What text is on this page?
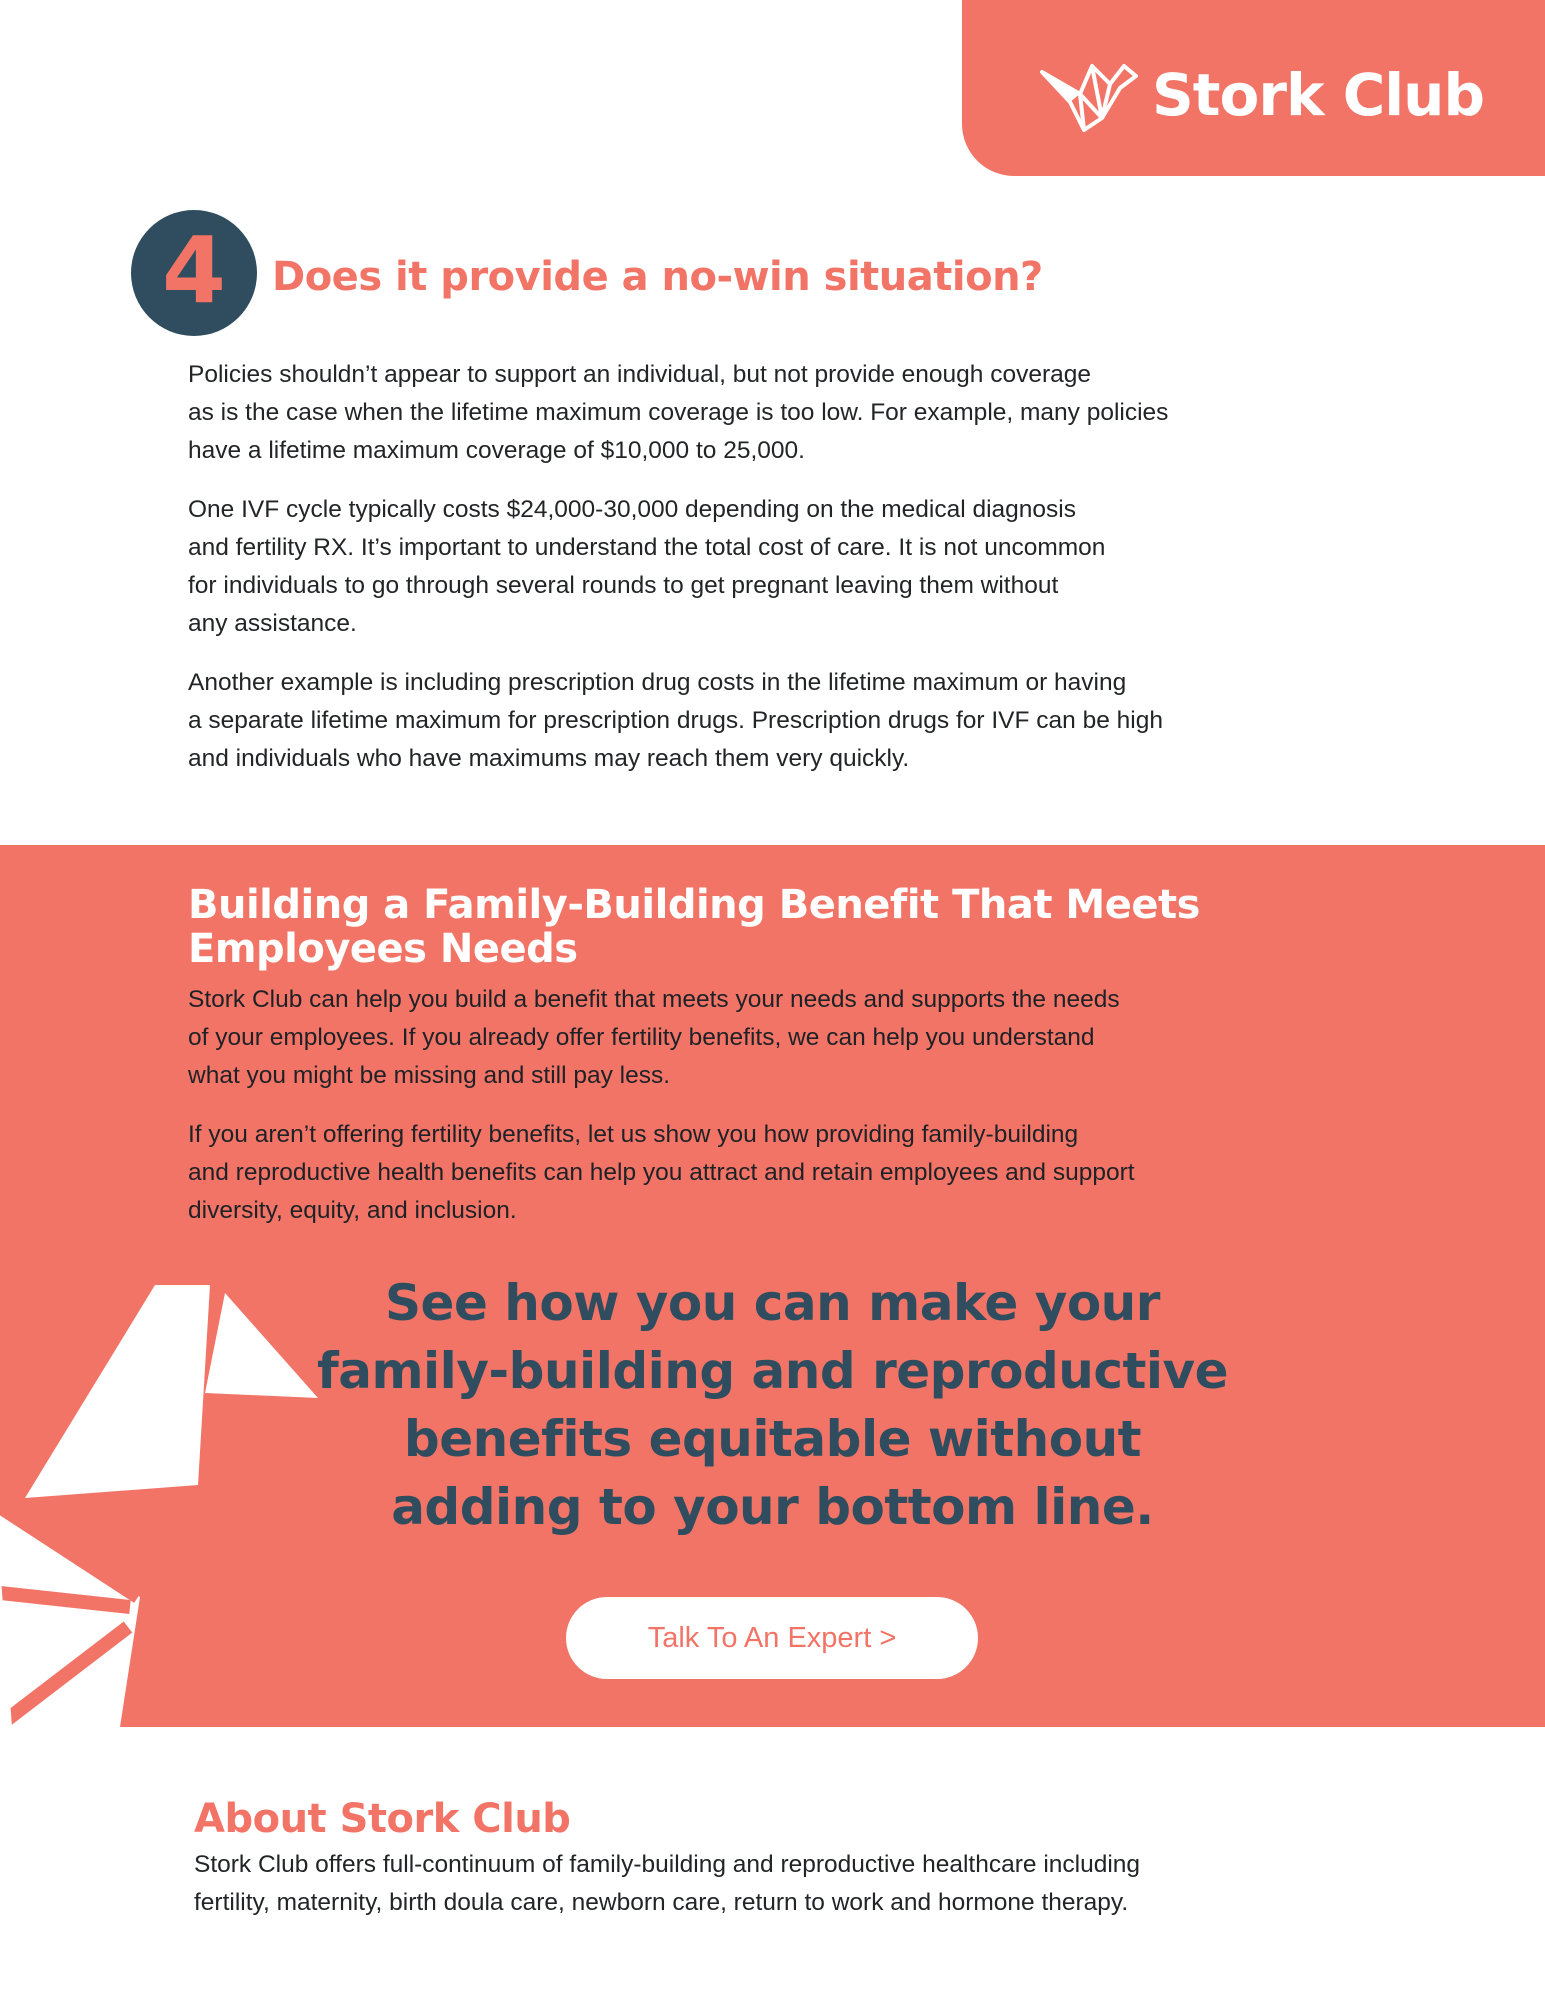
Stork Club
4	Does it provide a no-win situation?

Policies shouldn’t appear to support an individual, but not provide enough coverage
as is the case when the lifetime maximum coverage is too low. For example, many policies
have a lifetime maximum coverage of $10,000 to 25,000.

One IVF cycle typically costs $24,000-30,000 depending on the medical diagnosis
and fertility RX. It’s important to understand the total cost of care. It is not uncommon
for individuals to go through several rounds to get pregnant leaving them without
any assistance.

Another example is including prescription drug costs in the lifetime maximum or having
a separate lifetime maximum for prescription drugs. Prescription drugs for IVF can be high
and individuals who have maximums may reach them very quickly.

Building a Family-Building Benefit That Meets
Employees Needs

Stork Club can help you build a benefit that meets your needs and supports the needs
of your employees. If you already offer fertility benefits, we can help you understand
what you might be missing and still pay less.

If you aren’t offering fertility benefits, let us show you how providing family-building
and reproductive health benefits can help you attract and retain employees and support
diversity, equity, and inclusion.

See how you can make your
family-building and reproductive
benefits equitable without
adding to your bottom line.
Talk To An Expert >
About Stork Club

Stork Club offers full-continuum of family-building and reproductive healthcare including
fertility, maternity, birth doula care, newborn care, return to work and hormone therapy.
